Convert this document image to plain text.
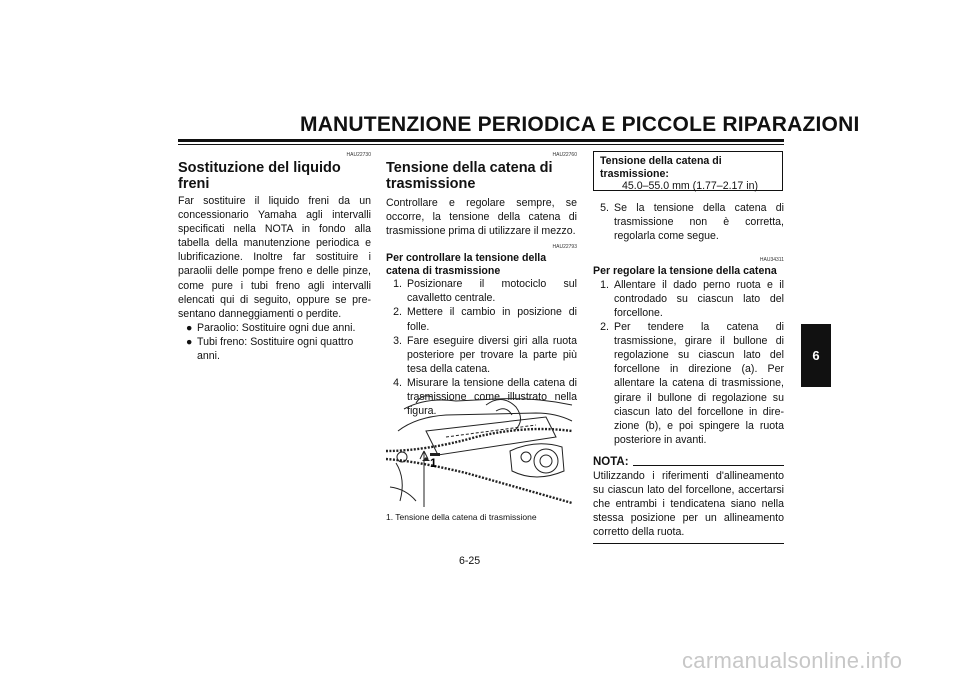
MANUTENZIONE PERIODICA E PICCOLE RIPARAZIONI
HAU22730
Sostituzione del liquido freni

Far sostituire il liquido freni da un concessionario Yamaha agli intervalli specificati nella NOTA in fondo alla tabella della manutenzione periodica e lubrificazione. Inoltre far sostituire i paraolii delle pompe freno e delle pinze, come pure i tubi freno agli intervalli elencati qui di seguito, oppure se presentano danneggiamenti o perdite.

● Paraolio: Sostituire ogni due anni.
● Tubi freno: Sostituire ogni quattro anni.
HAU22760
Tensione della catena di trasmissione

Controllare e regolare sempre, se occorre, la tensione della catena di trasmissione prima di utilizzare il mezzo.

HAU22793
Per controllare la tensione della catena di trasmissione
1. Posizionare il motociclo sul cavalletto centrale.
2. Mettere il cambio in posizione di folle.
3. Fare eseguire diversi giri alla ruota posteriore per trovare la parte più tesa della catena.
4. Misurare la tensione della catena di trasmissione come illustrato nella figura.
1
1. Tensione della catena di trasmissione
Tensione della catena di trasmissione:
45.0–55.0 mm (1.77–2.17 in)
5. Se la tensione della catena di trasmissione non è corretta, regolarla come segue.
HAU34311
Per regolare la tensione della catena
1. Allentare il dado perno ruota e il controdado su ciascun lato del forcellone.
2. Per tendere la catena di trasmissione, girare il bullone di regolazione su ciascun lato del forcellone in direzione (a). Per allentare la catena di trasmissione, girare il bullone di regolazione su ciascun lato del forcellone in direzione (b), e poi spingere la ruota posteriore in avanti.
NOTA:

Utilizzando i riferimenti d'allineamento su ciascun lato del forcellone, accertarsi che entrambi i tendicatena siano nella stessa posizione per un allineamento corretto della ruota.

6
6-25
carmanualsonline.info
